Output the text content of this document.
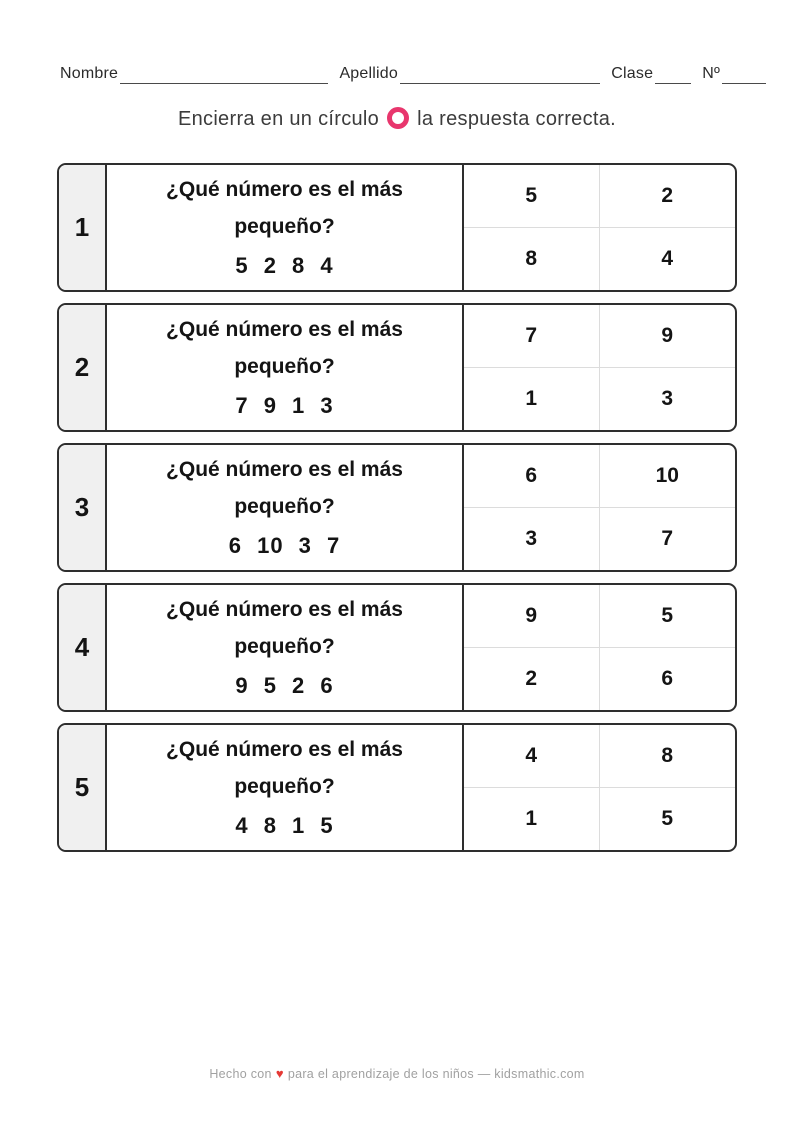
Nombre	Apellido	Clase	Nº
Encierra en un círculo la respuesta correcta.
1
¿Qué número es el más pequeño?
5 2 8 4
5	2
8	4
2
¿Qué número es el más pequeño?
7 9 1 3
7	9
1	3
3
¿Qué número es el más pequeño?
6 10 3 7
6	10
3	7
4
¿Qué número es el más pequeño?
9 5 2 6
9	5
2	6
5
¿Qué número es el más pequeño?
4 8 1 5
4	8
1	5
Hecho con ♥ para el aprendizaje de los niños — kidsmathic.com
